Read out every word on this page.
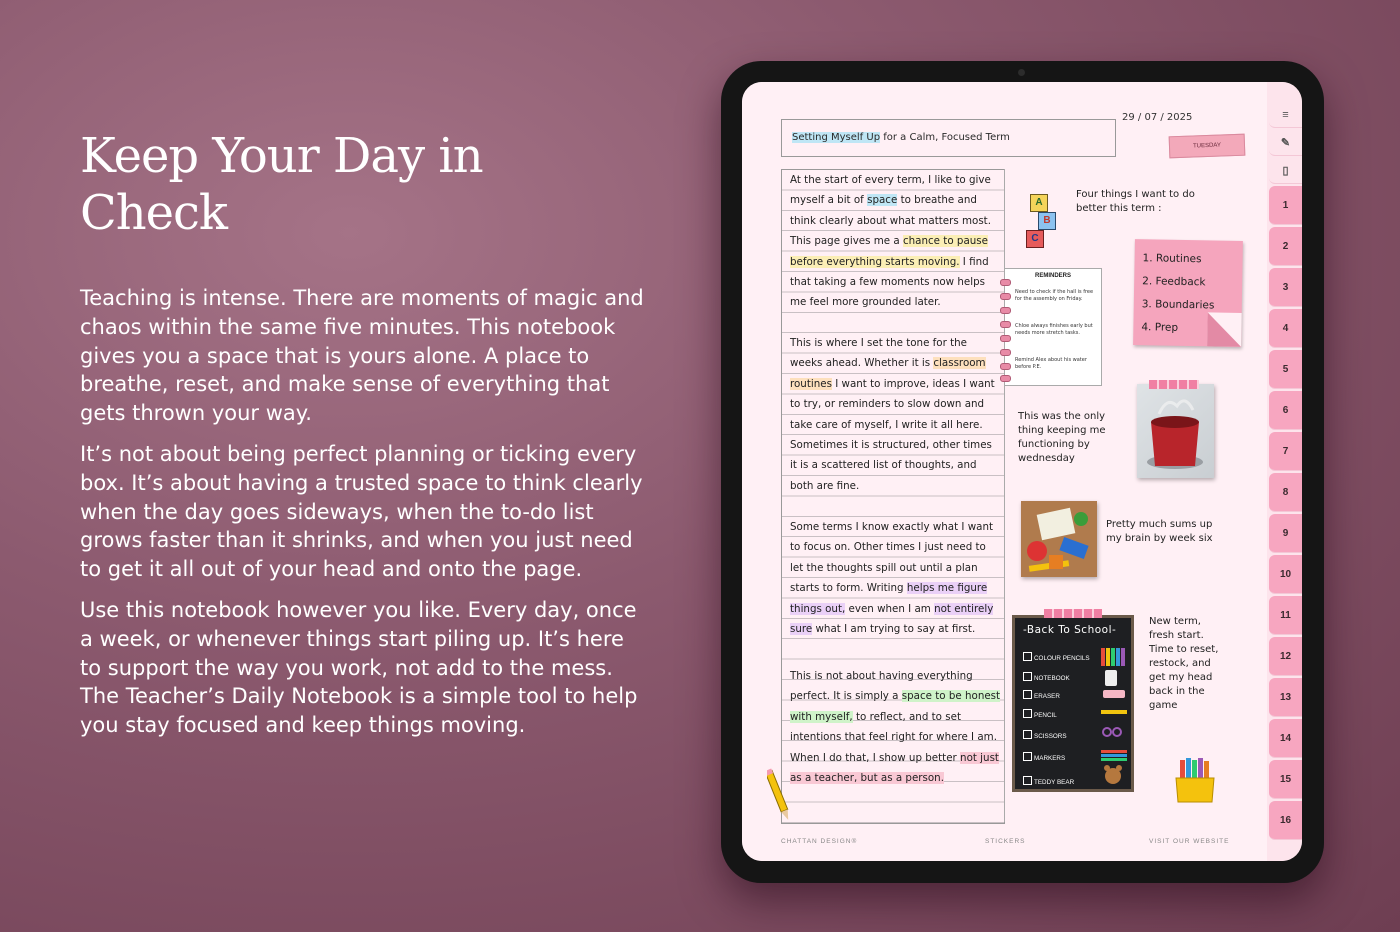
Keep Your Day in Check

Teaching is intense. There are moments of magic and chaos within the same five minutes. This notebook gives you a space that is yours alone. A place to breathe, reset, and make sense of everything that gets thrown your way.

It’s not about being perfect planning or ticking every box. It’s about having a trusted space to think clearly when the day goes sideways, when the to-do list grows faster than it shrinks, and when you just need to get it all out of your head and onto the page.

Use this notebook however you like. Every day, once a week, or whenever things start piling up. It’s here to support the way you work, not add to the mess. The Teacher’s Daily Notebook is a simple tool to help you stay focused and keep things moving.

29 / 07 / 2025
Setting Myself Up for a Calm, Focused Term
TUESDAY
At the start of every term, I like to give myself a bit of space to breathe and think clearly about what matters most. This page gives me a chance to pause before everything starts moving. I find that taking a few moments now helps me feel more grounded later.
This is where I set the tone for the weeks ahead. Whether it is classroom routines I want to improve, ideas I want to try, or reminders to slow down and take care of myself, I write it all here. Sometimes it is structured, other times it is a scattered list of thoughts, and both are fine.
Some terms I know exactly what I want to focus on. Other times I just need to let the thoughts spill out until a plan starts to form. Writing helps me figure things out, even when I am not entirely sure what I am trying to say at first.
This is not about having everything perfect. It is simply a space to be honest with myself, to reflect, and to set intentions that feel right for where I am. When I do that, I show up better not just as a teacher, but as a person.
A
B
C
Four things I want to do better this term :
1. Routines
2. Feedback
3. Boundaries
4. Prep
REMINDERS
Need to check if the hall is free for the assembly on Friday.
Chloe always finishes early but needs more stretch tasks.
Remind Alex about his water before P.E.
This was the only thing keeping me functioning by wednesday
Pretty much sums up my brain by week six
-Back To School-
COLOUR PENCILS
NOTEBOOK
ERASER
PENCIL
SCISSORS
MARKERS
TEDDY BEAR
New term, fresh start. Time to reset, restock, and get my head back in the game
CHATTAN DESIGN®	STICKERS	VISIT OUR WEBSITE
≡
✎
▯
1
2
3
4
5
6
7
8
9
10
11
12
13
14
15
16
